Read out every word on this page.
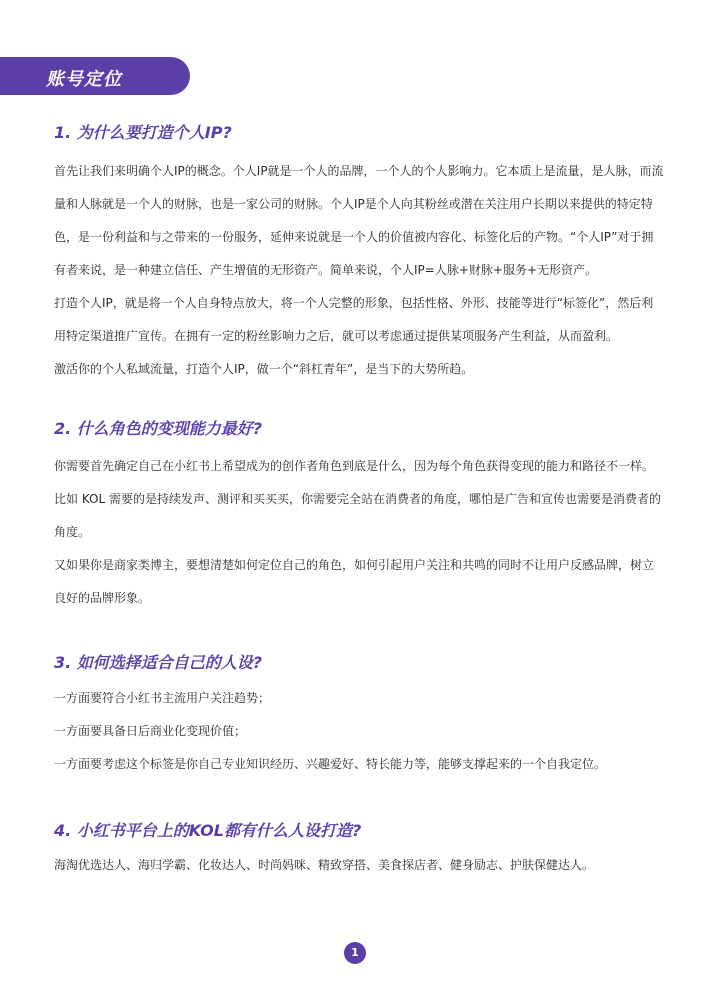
账号定位
1. 为什么要打造个人IP?

首先让我们来明确个人IP的概念。个人IP就是一个人的品牌，一个人的个人影响力。它本质上是流量，是人脉，而流量和人脉就是一个人的财脉，也是一家公司的财脉。个人IP是个人向其粉丝或潜在关注用户长期以来提供的特定特色，是一份利益和与之带来的一份服务，延伸来说就是一个人的价值被内容化、标签化后的产物。“个人IP”对于拥有者来说，是一种建立信任、产生增值的无形资产。简单来说，个人IP=人脉+财脉+服务+无形资产。

打造个人IP，就是将一个人自身特点放大，将一个人完整的形象，包括性格、外形、技能等进行“标签化”，然后利用特定渠道推广宣传。在拥有一定的粉丝影响力之后，就可以考虑通过提供某项服务产生利益，从而盈利。

激活你的个人私域流量，打造个人IP，做一个“斜杠青年”，是当下的大势所趋。

2. 什么角色的变现能力最好?

你需要首先确定自己在小红书上希望成为的创作者角色到底是什么，因为每个角色获得变现的能力和路径不一样。

比如 KOL 需要的是持续发声、测评和买买买，你需要完全站在消费者的角度，哪怕是广告和宣传也需要是消费者的角度。

又如果你是商家类博主，要想清楚如何定位自己的角色，如何引起用户关注和共鸣的同时不让用户反感品牌，树立良好的品牌形象。

3. 如何选择适合自己的人设?

一方面要符合小红书主流用户关注趋势；

一方面要具备日后商业化变现价值；

一方面要考虑这个标签是你自己专业知识经历、兴趣爱好、特长能力等，能够支撑起来的一个自我定位。

4. 小红书平台上的KOL都有什么人设打造?

海淘优选达人、海归学霸、化妆达人、时尚妈咪、精致穿搭、美食探店者、健身励志、护肤保健达人。

1
